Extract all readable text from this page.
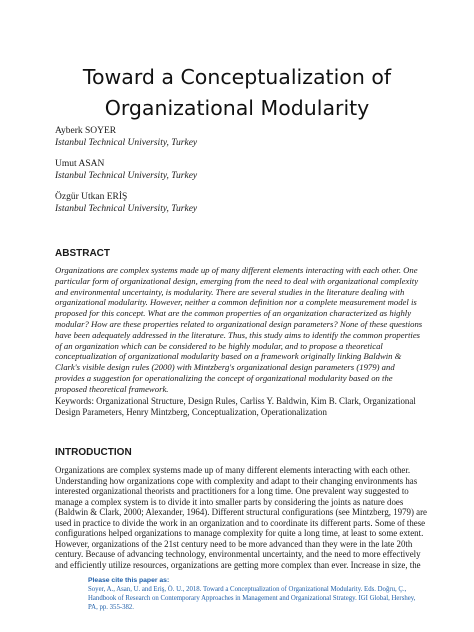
Toward a Conceptualization of
Organizational Modularity
Ayberk SOYER
Istanbul Technical University, Turkey
Umut ASAN
Istanbul Technical University, Turkey
Özgür Utkan ERİŞ
Istanbul Technical University, Turkey
ABSTRACT
Organizations are complex systems made up of many different elements interacting with each other. One
particular form of organizational design, emerging from the need to deal with organizational complexity
and environmental uncertainty, is modularity. There are several studies in the literature dealing with
organizational modularity. However, neither a common definition nor a complete measurement model is
proposed for this concept. What are the common properties of an organization characterized as highly
modular? How are these properties related to organizational design parameters? None of these questions
have been adequately addressed in the literature. Thus, this study aims to identify the common properties
of an organization which can be considered to be highly modular, and to propose a theoretical
conceptualization of organizational modularity based on a framework originally linking Baldwin &
Clark's visible design rules (2000) with Mintzberg's organizational design parameters (1979) and
provides a suggestion for operationalizing the concept of organizational modularity based on the
proposed theoretical framework.
Keywords: Organizational Structure, Design Rules, Carliss Y. Baldwin, Kim B. Clark, Organizational
Design Parameters, Henry Mintzberg, Conceptualization, Operationalization
INTRODUCTION
Organizations are complex systems made up of many different elements interacting with each other.
Understanding how organizations cope with complexity and adapt to their changing environments has
interested organizational theorists and practitioners for a long time. One prevalent way suggested to
manage a complex system is to divide it into smaller parts by considering the joints as nature does
(Baldwin & Clark, 2000; Alexander, 1964). Different structural configurations (see Mintzberg, 1979) are
used in practice to divide the work in an organization and to coordinate its different parts. Some of these
configurations helped organizations to manage complexity for quite a long time, at least to some extent.
However, organizations of the 21st century need to be more advanced than they were in the late 20th
century. Because of advancing technology, environmental uncertainty, and the need to more effectively
and efficiently utilize resources, organizations are getting more complex than ever. Increase in size, the
Please cite this paper as:
Soyer, A., Asan, U. and Eriş, Ö. U., 2018. Toward a Conceptualization of Organizational Modularity. Eds. Doğru, Ç.,
Handbook of Research on Contemporary Approaches in Management and Organizational Strategy. IGI Global, Hershey,
PA, pp. 355-382.
